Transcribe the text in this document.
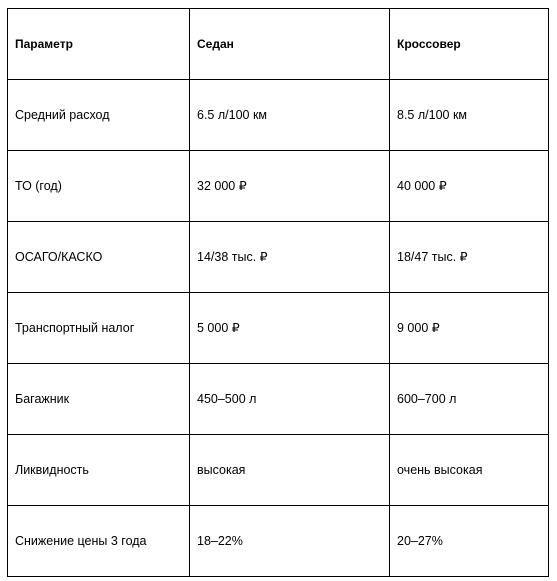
Параметр	Седан	Кроссовер
Средний расход	6.5 л/100 км	8.5 л/100 км
ТО (год)	32 000 ₽	40 000 ₽
ОСАГО/КАСКО	14/38 тыс. ₽	18/47 тыс. ₽
Транспортный налог	5 000 ₽	9 000 ₽
Багажник	450–500 л	600–700 л
Ликвидность	высокая	очень высокая
Снижение цены 3 года	18–22%	20–27%
